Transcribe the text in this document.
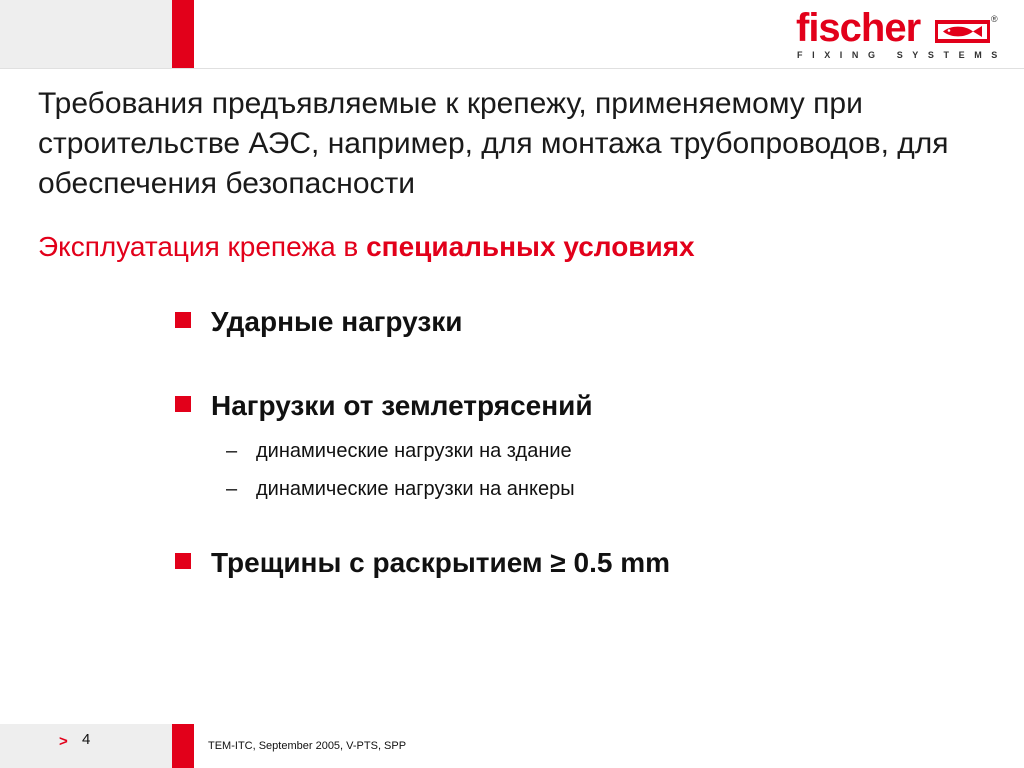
fischer	®
FIXING SYSTEMS
Требования предъявляемые к крепежу, применяемому при строительстве АЭС, например, для монтажа трубопроводов, для обеспечения безопасности
Эксплуатация крепежа в специальных условиях
Ударные нагрузки
Нагрузки от землетрясений
– динамические нагрузки на здание
– динамические нагрузки на анкеры
Трещины с раскрытием ≥ 0.5 mm
> 4	TEM-ITC, September 2005, V-PTS, SPP
